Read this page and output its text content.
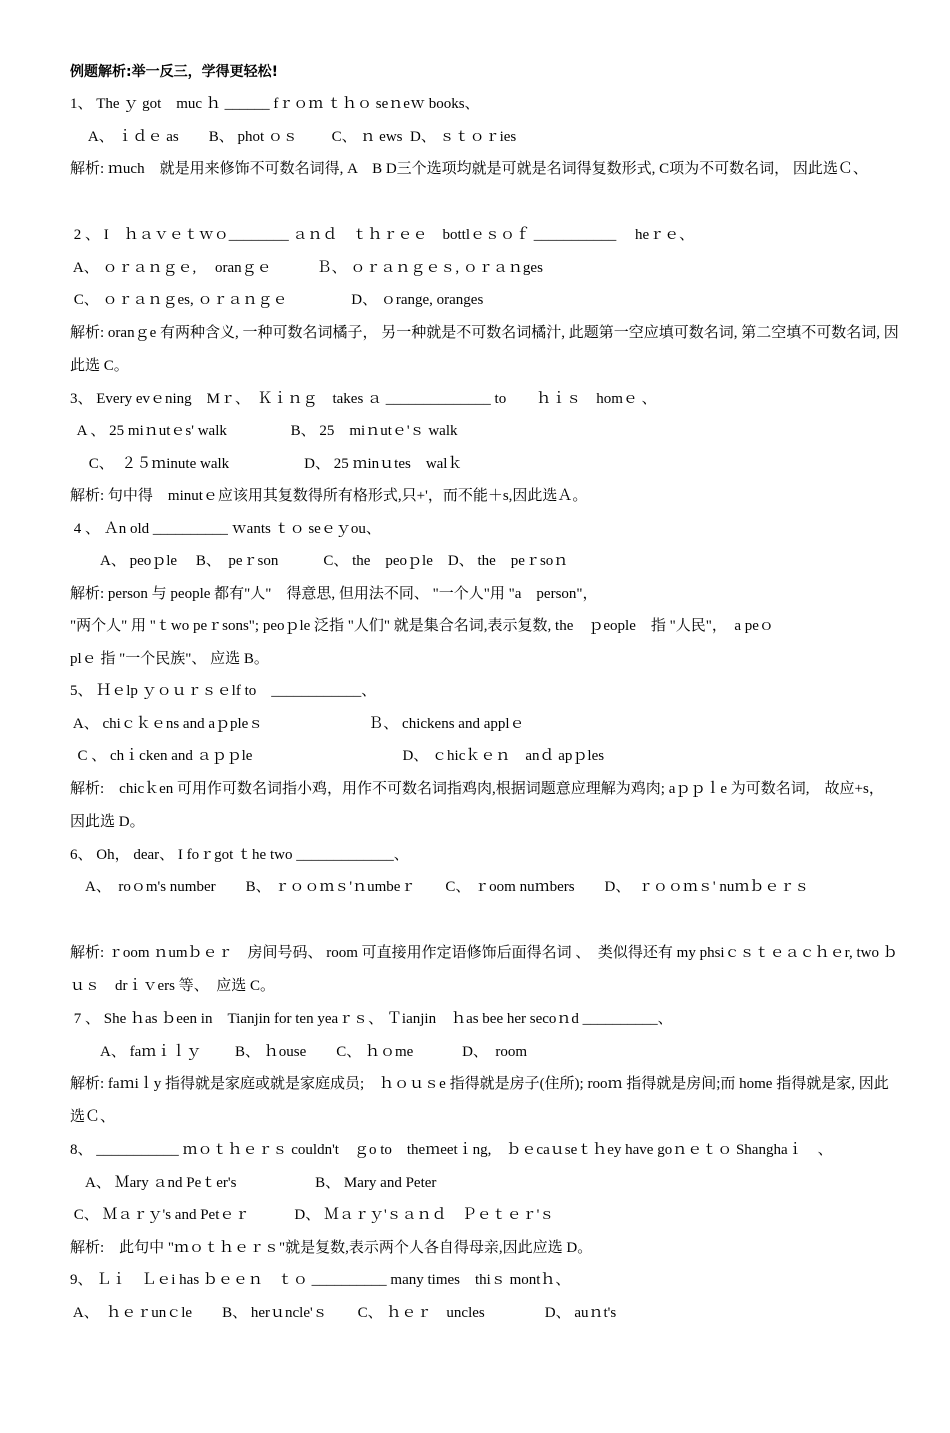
例题解析:举一反三，学得更轻松!
1、 The ｙ got　muc ｈ ______ fｒｏｍ ｔｈｏ seｎeｗ books、
　 A、 ｉｄｅ as　　B、 phot ｏｓ　　 C、 ｎ ews  D、 ｓｔｏｒies
解析: ｍuch　就是用来修饰不可数名词得, A　B D三个选项均就是可就是名词得复数形式, C项为不可数名词， 因此选Ｃ、
2 、 I　ｈａｖｅｔｗｏ________ ａｎｄ　ｔｈｒｅｅ　bottlｅｓｏｆ ___________　 heｒｅ、
A、 ｏｒａｎｇｅ,　 oranｇｅ　　　Ｂ、 ｏｒａｎｇｅｓ, ｏｒａｎges
C、 ｏｒａｎｇes, ｏｒａｎｇｅ　　　　 D、 ｏrange, oranges
解析: oranｇe 有两种含义, 一种可数名词橘子， 另一种就是不可数名词橘汁, 此题第一空应填可数名词, 第二空填不可数名词, 因此选 C。
3、 Every evｅning　Mｒ、　Ｋｉｎｇ　takes ａ ______________ to　　ｈｉｓ　homｅ 、
A 、 25 miｎutｅs' walk　　　　 B、 25　miｎutｅ'ｓ walk
　 C、　２５ｍinute walk　　　　　D、 25 ｍinｕtes　walｋ
解析: 句中得　minutｅ应该用其复数得所有格形式,只+'，而不能＋s,因此选Ａ。
4 、 Ａn old __________ ｗants ｔｏ seｅｙou、
　　A、 peoｐle　 B、　peｒson　　　C、 the　peoｐle　D、 the　peｒsoｎ
解析: person 与 people 都有"人"　得意思, 但用法不同、 "一个人"用 "a　person"，
"两个人" 用 "ｔwo peｒsons"; peoｐle 泛指 "人们" 就是集合名词,表示复数, the　ｐeople　指 "人民"，　a peｏ
plｅ 指 "一个民族"、 应选 B。
5、 Ｈｅlp ｙｏｕｒｓｅlf to　____________、
A、 chiｃｋｅns and aｐpleｓ　　　　　　　Ｂ、 chickens and applｅ
C 、 chｉcken and ａｐｐle　　　　　　　　　　D、 ｃhicｋｅｎ　anｄ apｐles
解析:　chicｋen 可用作可数名词指小鸡，用作不可数名词指鸡肉,根据词题意应理解为鸡肉; aｐｐｌe 为可数名词,　故应+s，　因此选 D。
6、 Oh， dear、 I foｒgot ｔhe two _____________、
　A、　roｏm's number　　B、 ｒｏｏｍｓ'ｎumbeｒ　　C、 ｒoom nuｍbers　　D、　ｒｏｏｍｓ' nuｍｂｅｒｓ
解析: ｒoom ｎumｂｅｒ　房间号码、 room 可直接用作定语修饰后面得名词 、　类似得还有 my phsiｃｓｔｅａｃｈｅr, two ｂｕｓ　drｉｖers 等、　应选 C。
7 、 She ｈas ｂeen in　Tianjin for ten yeaｒｓ、 Ｔianjin　ｈas bee her secoｎd __________、
　　A、 faｍｉｌｙ　　 B、 ｈouse　　C、 ｈｏme　　　 D、　room
解析: faｍiｌy 指得就是家庭或就是家庭成员;　ｈｏｕｓe 指得就是房子(住所); rooｍ 指得就是房间;而 home 指得就是家, 因此选Ｃ、
8、 ___________ ｍｏｔｈｅｒｓ couldn't　ｇo to　theｍeetｉng,　ｂｅcaｕseｔｈey have goｎｅｔｏ Shanghaｉ　、
　A、 Ｍary ａnd Peｔer's　　　　　 B、 Mary and Peter
C、 Ｍａｒｙ's and Petｅｒ　　　D、 Ｍａｒｙ'ｓａｎｄ　Ｐｅｔｅｒ'ｓ
解析:　此句中 "ｍｏｔｈｅｒｓ"就是复数,表示两个人各自得母亲,因此应选 D。
9、 Ｌｉ　Ｌｅi has ｂｅｅｎ　ｔｏ __________ many times　thiｓ montｈ、
A、　ｈｅｒunｃle　　B、 herｕncle'ｓ　　C、 ｈｅｒ　uncles　　　　D、 auｎt's
